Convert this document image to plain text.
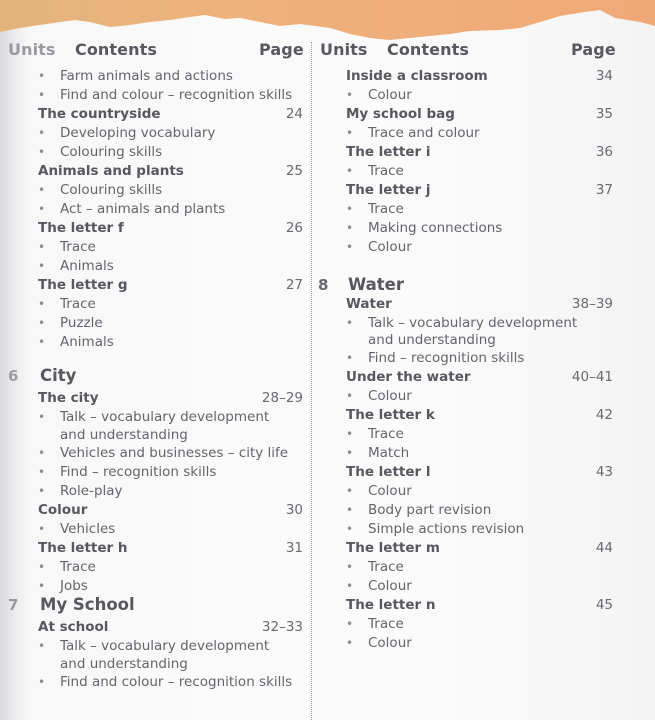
Units Contents	Page
•	Farm animals and actions
•	Find and colour – recognition skills
The countryside	24
•	Developing vocabulary
•	Colouring skills
Animals and plants	25
•	Colouring skills
•	Act – animals and plants
The letter f	26
•	Trace
•	Animals
The letter g	27
•	Trace
•	Puzzle
•	Animals
6 City
The city	28–29
•	Talk – vocabulary development
and understanding
•	Vehicles and businesses – city life
•	Find – recognition skills
•	Role-play
Colour	30
•	Vehicles
The letter h	31
•	Trace
•	Jobs
7 My School
At school	32–33
•	Talk – vocabulary development
and understanding
•	Find and colour – recognition skills
Units Contents	Page
Inside a classroom	34
•	Colour
My school bag	35
•	Trace and colour
The letter i	36
•	Trace
The letter j	37
•	Trace
•	Making connections
•	Colour
8 Water
Water	38–39
•	Talk – vocabulary development
and understanding
•	Find – recognition skills
Under the water	40–41
•	Colour
The letter k	42
•	Trace
•	Match
The letter l	43
•	Colour
•	Body part revision
•	Simple actions revision
The letter m	44
•	Trace
•	Colour
The letter n	45
•	Trace
•	Colour
